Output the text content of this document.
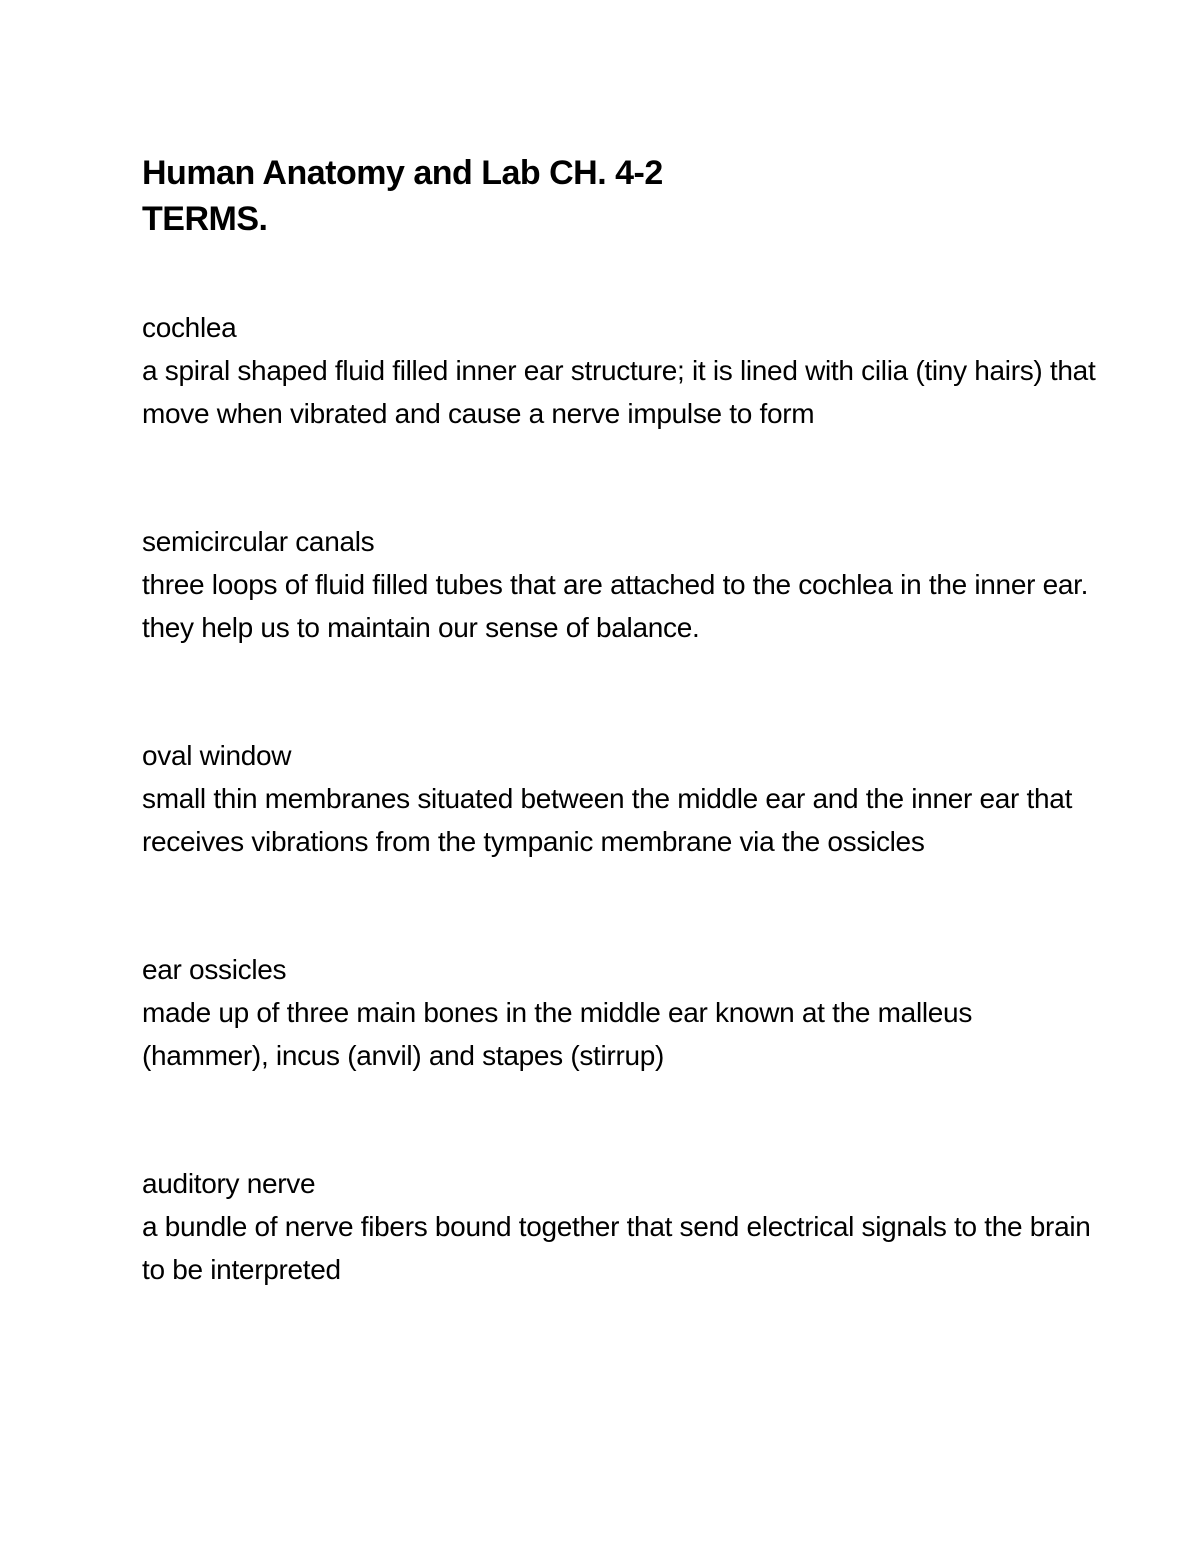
Human Anatomy and Lab CH. 4-2
TERMS.

cochlea
a spiral shaped fluid filled inner ear structure; it is lined with cilia (tiny hairs) that move when vibrated and cause a nerve impulse to form

semicircular canals
three loops of fluid filled tubes that are attached to the cochlea in the inner ear. they help us to maintain our sense of balance.

oval window
small thin membranes situated between the middle ear and the inner ear that receives vibrations from the tympanic membrane via the ossicles

ear ossicles
made up of three main bones in the middle ear known at the malleus (hammer), incus (anvil) and stapes (stirrup)

auditory nerve
a bundle of nerve fibers bound together that send electrical signals to the brain to be interpreted
